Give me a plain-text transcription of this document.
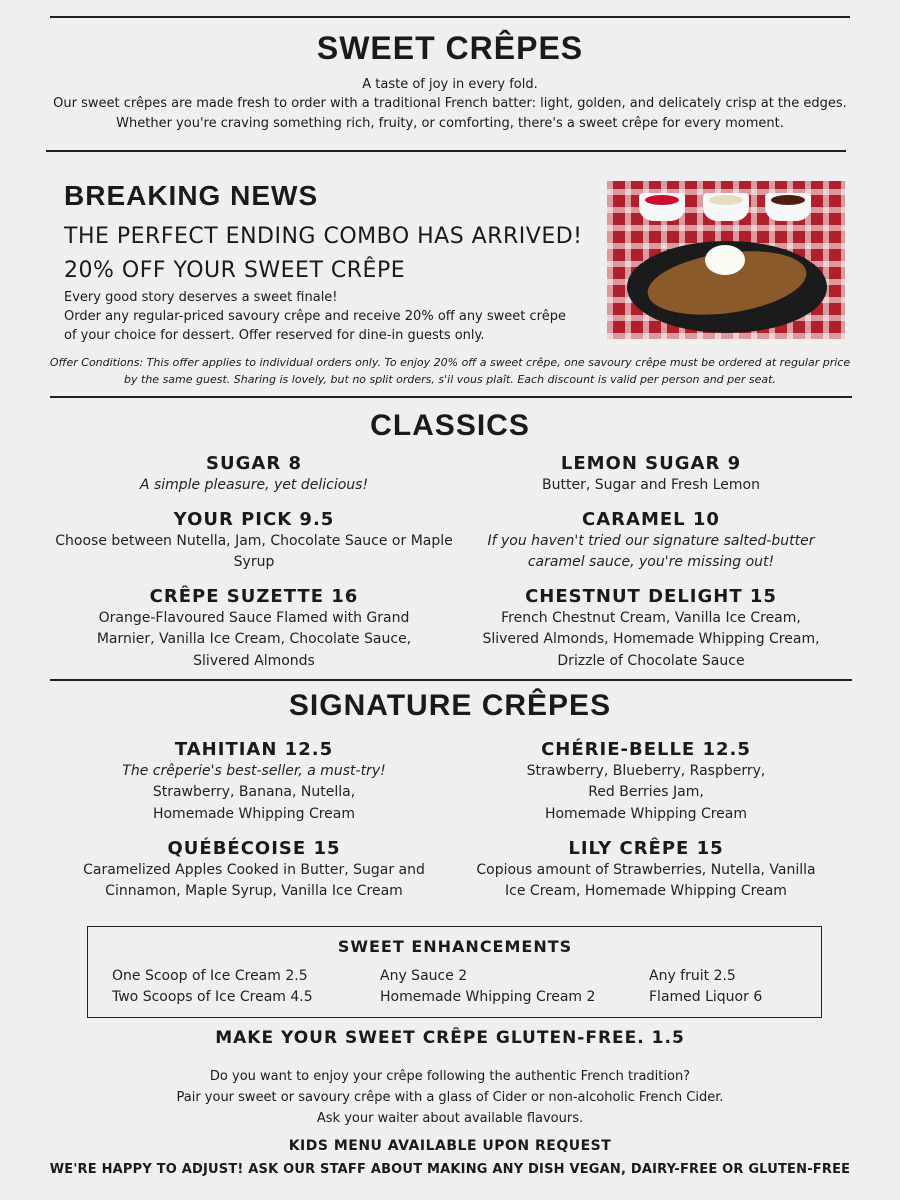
SWEET CRÊPES
A taste of joy in every fold.
Our sweet crêpes are made fresh to order with a traditional French batter: light, golden, and delicately crisp at the edges.
Whether you're craving something rich, fruity, or comforting, there's a sweet crêpe for every moment.
BREAKING NEWS
THE PERFECT ENDING COMBO HAS ARRIVED!
20% OFF YOUR SWEET CRÊPE
Every good story deserves a sweet finale!
Order any regular-priced savoury crêpe and receive 20% off any sweet crêpe
of your choice for dessert. Offer reserved for dine-in guests only.
Offer Conditions: This offer applies to individual orders only. To enjoy 20% off a sweet crêpe, one savoury crêpe must be ordered at regular price
by the same guest. Sharing is lovely, but no split orders, s'il vous plaît. Each discount is valid per person and per seat.
CLASSICS
SUGAR 8
A simple pleasure, yet delicious!
LEMON SUGAR 9
Butter, Sugar and Fresh Lemon
YOUR PICK 9.5
Choose between Nutella, Jam, Chocolate Sauce or Maple
Syrup
CARAMEL 10
If you haven't tried our signature salted-butter
caramel sauce, you're missing out!
CRÊPE SUZETTE 16
Orange-Flavoured Sauce Flamed with Grand
Marnier, Vanilla Ice Cream, Chocolate Sauce,
Slivered Almonds
CHESTNUT DELIGHT 15
French Chestnut Cream, Vanilla Ice Cream,
Slivered Almonds, Homemade Whipping Cream,
Drizzle of Chocolate Sauce
SIGNATURE CRÊPES
TAHITIAN 12.5
The crêperie's best-seller, a must-try!
Strawberry, Banana, Nutella,
Homemade Whipping Cream
CHÉRIE-BELLE 12.5
Strawberry, Blueberry, Raspberry,
Red Berries Jam,
Homemade Whipping Cream
QUÉBÉCOISE 15
Caramelized Apples Cooked in Butter, Sugar and
Cinnamon, Maple Syrup, Vanilla Ice Cream
LILY CRÊPE 15
Copious amount of Strawberries, Nutella, Vanilla
Ice Cream, Homemade Whipping Cream
SWEET ENHANCEMENTS
One Scoop of Ice Cream 2.5
Two Scoops of Ice Cream 4.5
Any Sauce 2
Homemade Whipping Cream 2
Any fruit 2.5
Flamed Liquor 6
MAKE YOUR SWEET CRÊPE GLUTEN-FREE. 1.5
Do you want to enjoy your crêpe following the authentic French tradition?
Pair your sweet or savoury crêpe with a glass of Cider or non-alcoholic French Cider.
Ask your waiter about available flavours.
KIDS MENU AVAILABLE UPON REQUEST
WE'RE HAPPY TO ADJUST! ASK OUR STAFF ABOUT MAKING ANY DISH VEGAN, DAIRY-FREE OR GLUTEN-FREE
